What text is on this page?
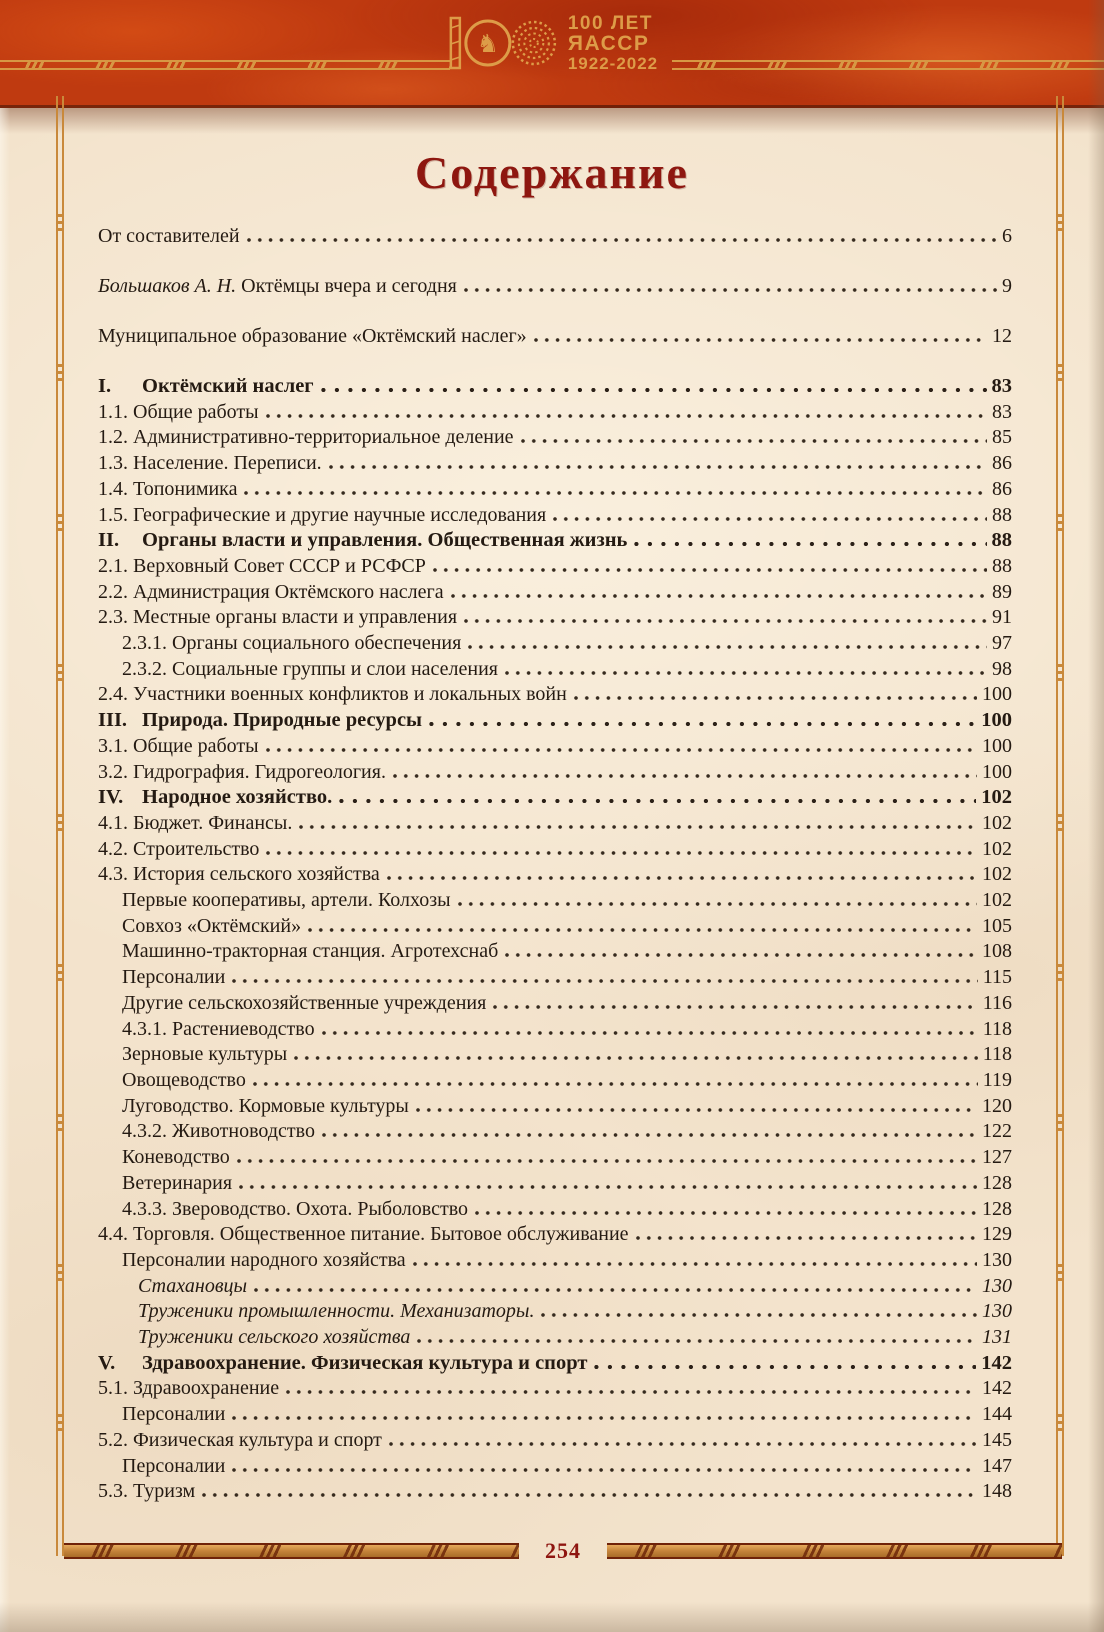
♞
100 ЛЕТ
ЯАССР
1922-2022
Содержание
От составителей	6
Большаков А. Н. Октёмцы вчера и сегодня	9
Муниципальное образование «Октёмский наслег»	12
I.	Октёмский наслег	83
1.1. Общие работы	83
1.2. Административно-территориальное деление	85
1.3. Население. Переписи.	86
1.4. Топонимика	86
1.5. Географические и другие научные исследования	88
II.	Органы власти и управления. Общественная жизнь	88
2.1. Верховный Совет СССР и РСФСР	88
2.2. Администрация Октёмского наслега	89
2.3. Местные органы власти и управления	91
2.3.1. Органы социального обеспечения	97
2.3.2. Социальные группы и слои населения	98
2.4. Участники военных конфликтов и локальных войн	100
III. Природа. Природные ресурсы	100
3.1. Общие работы	100
3.2. Гидрография. Гидрогеология.	100
IV. Народное хозяйство.	102
4.1. Бюджет. Финансы.	102
4.2. Строительство	102
4.3. История сельского хозяйства	102
Первые кооперативы, артели. Колхозы	102
Совхоз «Октёмский»	105
Машинно-тракторная станция. Агротехснаб	108
Персоналии	115
Другие сельскохозяйственные учреждения	116
4.3.1. Растениеводство	118
Зерновые культуры	118
Овощеводство	119
Луговодство. Кормовые культуры	120
4.3.2. Животноводство	122
Коневодство	127
Ветеринария	128
4.3.3. Звероводство. Охота. Рыболовство	128
4.4. Торговля. Общественное питание. Бытовое обслуживание	129
Персоналии народного хозяйства	130
Стахановцы	130
Труженики промышленности. Механизаторы.	130
Труженики сельского хозяйства	131
V.	Здравоохранение. Физическая культура и спорт	142
5.1. Здравоохранение	142
Персоналии	144
5.2. Физическая культура и спорт	145
Персоналии	147
5.3. Туризм	148
254
